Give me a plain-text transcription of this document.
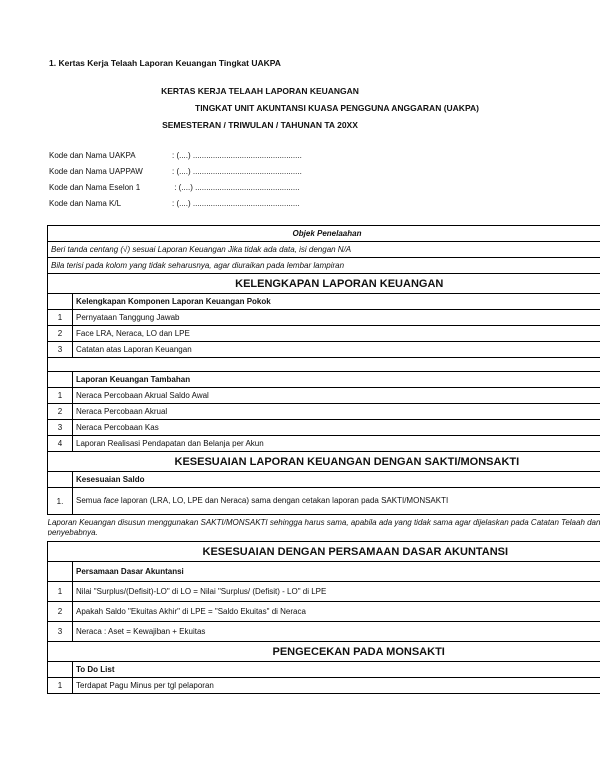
1. Kertas Kerja Telaah Laporan Keuangan Tingkat UAKPA
KERTAS KERJA TELAAH LAPORAN KEUANGAN
TINGKAT UNIT AKUNTANSI KUASA PENGGUNA ANGGARAN (UAKPA)
SEMESTERAN / TRIWULAN / TAHUNAN TA 20XX
Kode dan Nama UAKPA	: (....) .................................................
Kode dan Nama UAPPAW	: (....) .................................................
Kode dan Nama Eselon 1	: (....) ...............................................
Kode dan Nama K/L	: (....) ................................................
Objek Penelaahan	
Beri tanda centang (√) sesuai Laporan Keuangan Jika tidak ada data, isi dengan N/A	
Bila terisi pada kolom yang tidak seharusnya, agar diuraikan pada lembar lampiran	
	KELENGKAPAN LAPORAN KEUANGAN
	Kelengkapan Komponen Laporan Keuangan Pokok
1	Pernyataan Tanggung Jawab
2	Face LRA, Neraca, LO dan LPE
3	Catatan atas Laporan Keuangan

	Laporan Keuangan Tambahan
1	Neraca Percobaan Akrual Saldo Awal
2	Neraca Percobaan Akrual
3	Neraca Percobaan Kas
4	Laporan Realisasi Pendapatan dan Belanja per Akun
	KESESUAIAN LAPORAN KEUANGAN DENGAN SAKTI/MONSAKTI
	Kesesuaian Saldo
1.	Semua face laporan (LRA, LO, LPE dan Neraca) sama dengan cetakan laporan pada SAKTI/MONSAKTI
Laporan Keuangan disusun menggunakan SAKTI/MONSAKTI sehingga harus sama, apabila ada yang tidak sama agar dijelaskan pada Catatan Telaah dan penyebabnya.	
	KESESUAIAN DENGAN PERSAMAAN DASAR AKUNTANSI
	Persamaan Dasar Akuntansi
1	Nilai "Surplus/(Defisit)-LO" di LO = Nilai "Surplus/ (Defisit) - LO" di LPE
2	Apakah Saldo "Ekuitas Akhir" di LPE = "Saldo Ekuitas" di Neraca
3	Neraca : Aset = Kewajiban + Ekuitas
	PENGECEKAN PADA MONSAKTI
	To Do List
1	Terdapat Pagu Minus per tgl pelaporan
